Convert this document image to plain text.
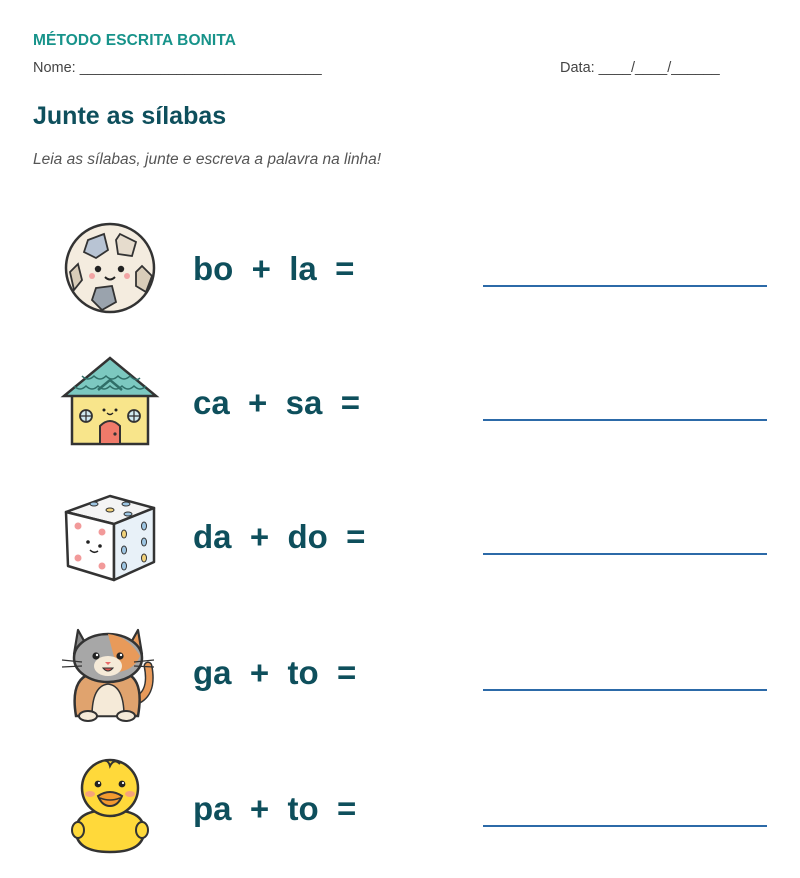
MÉTODO ESCRITA BONITA
Nome: ______________________________	Data: ____/____/______
Junte as sílabas
Leia as sílabas, junte e escreva a palavra na linha!
bo  +  la  =
ca  +  sa  =
da  +  do  =
ga  +  to  =
pa  +  to  =
